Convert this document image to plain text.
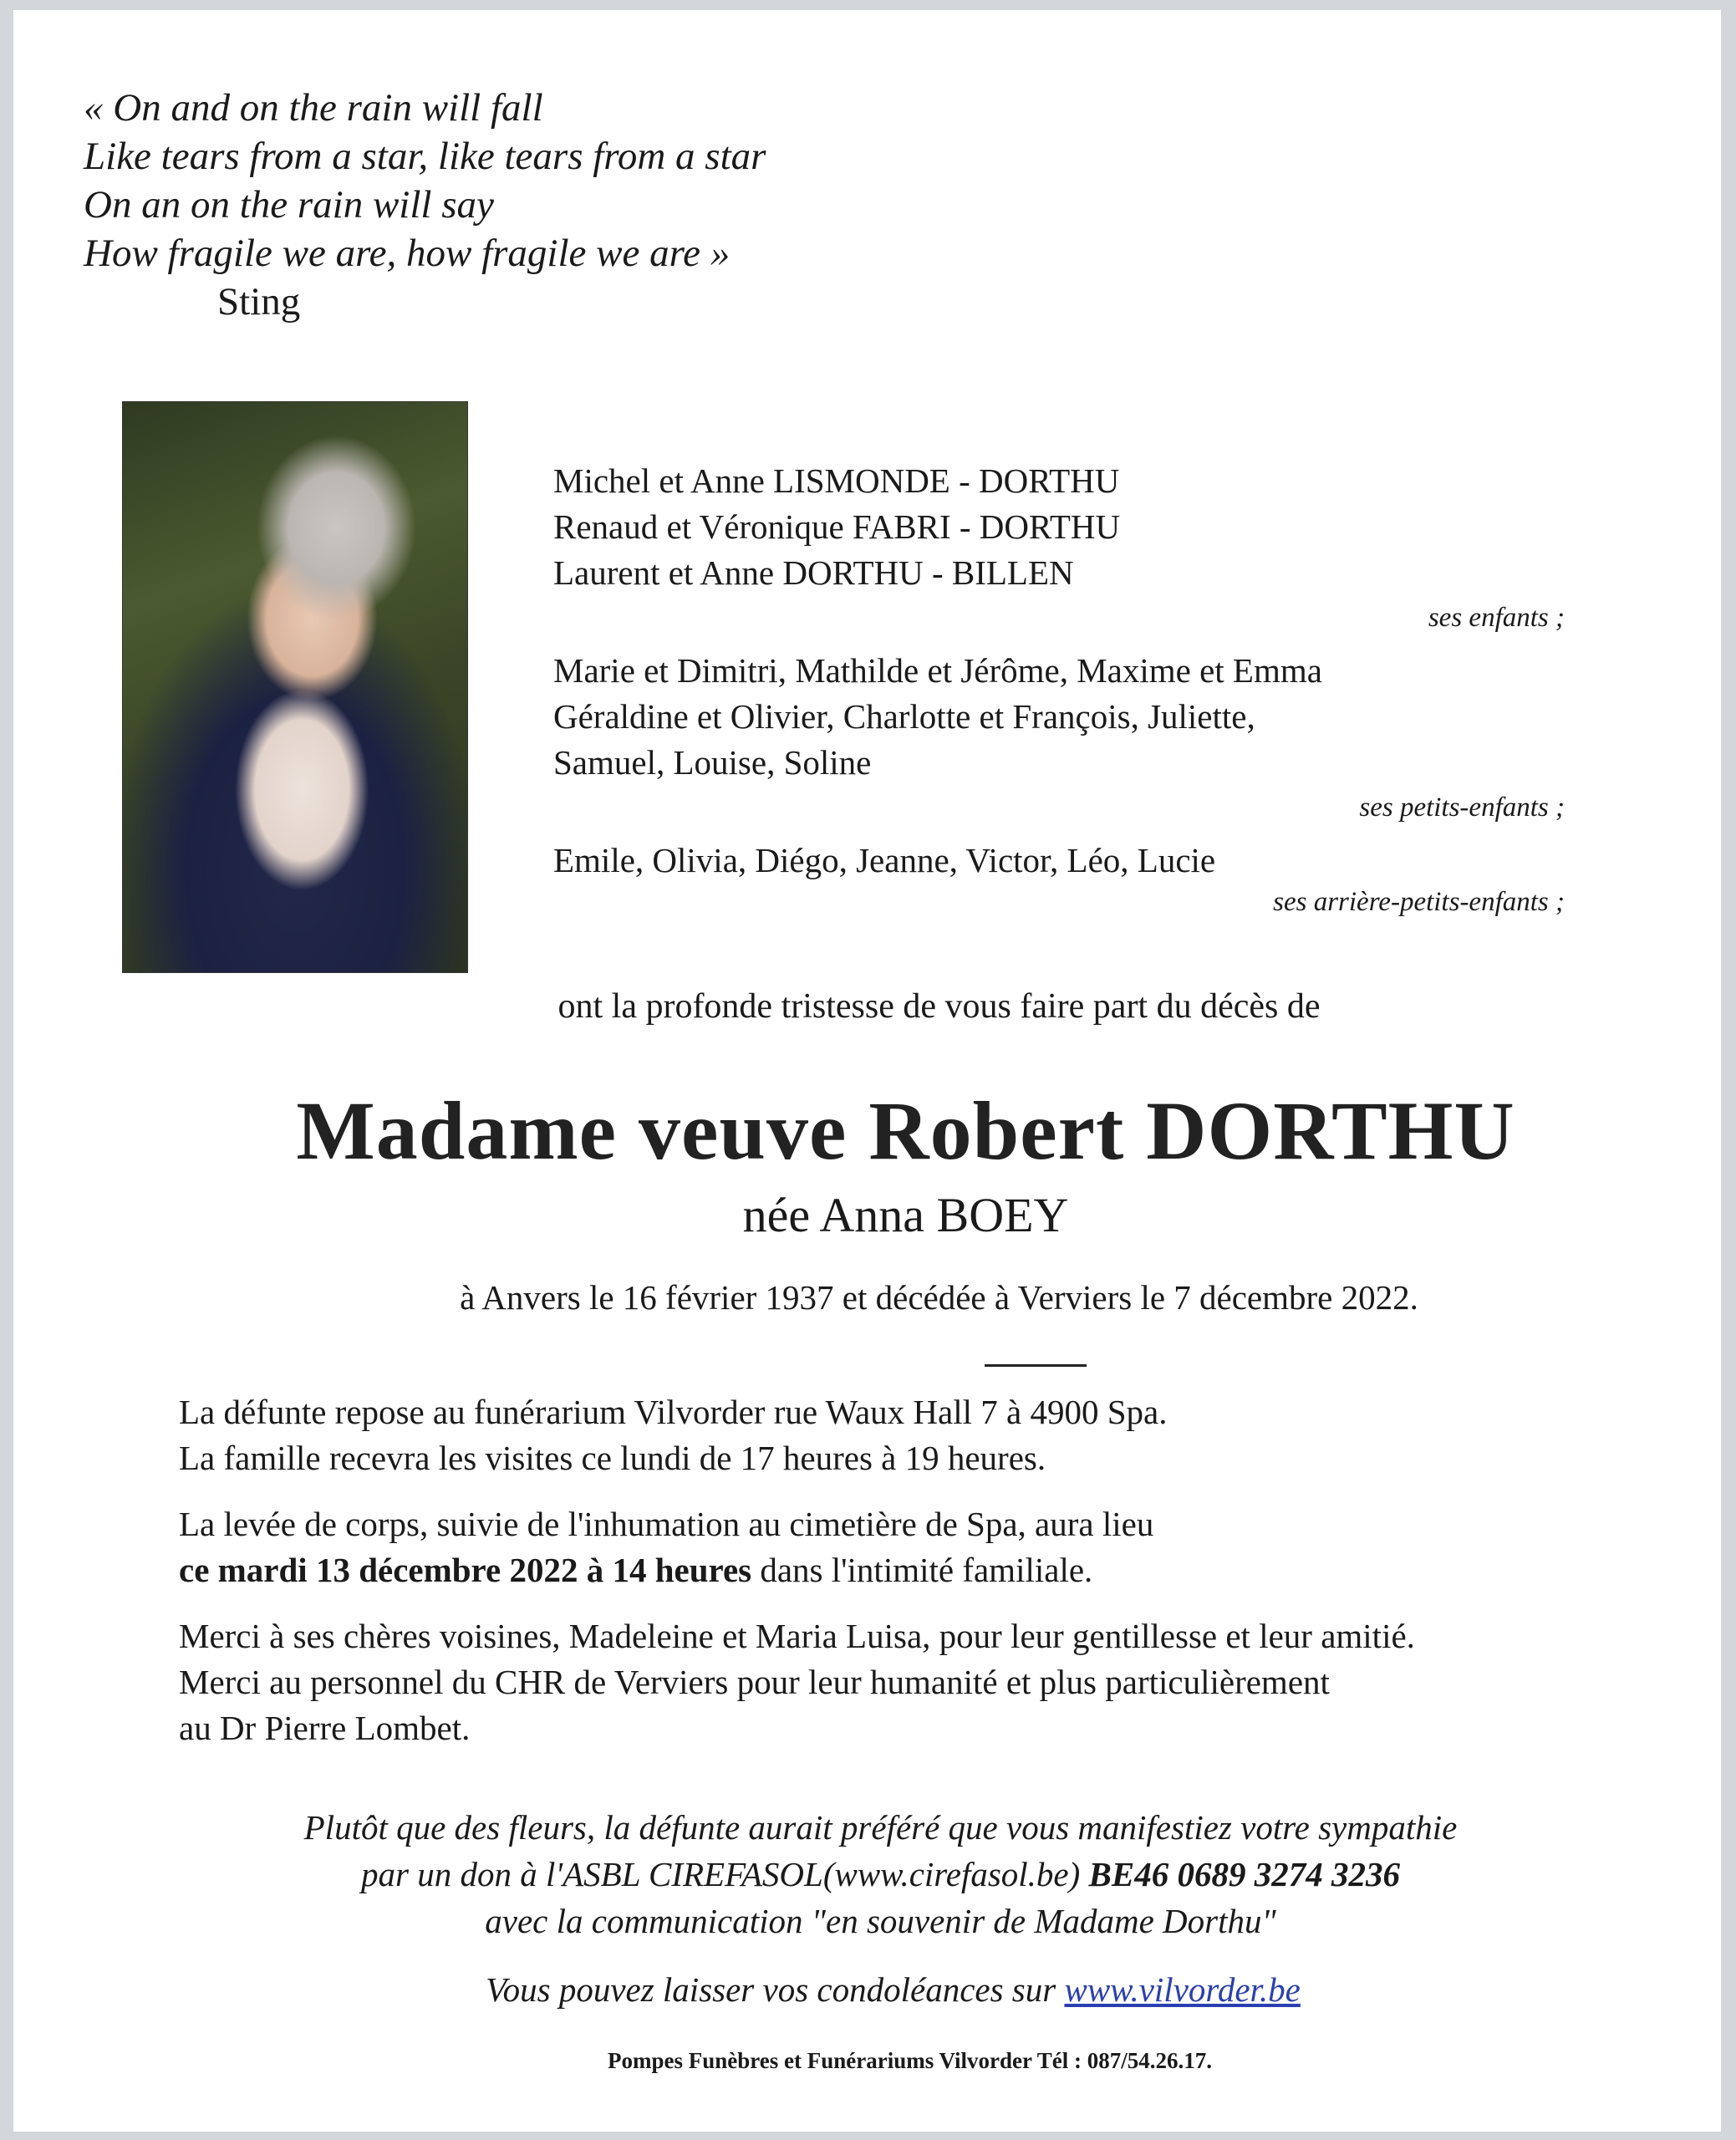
« On and on the rain will fall
Like tears from a star, like tears from a star
On an on the rain will say
How fragile we are, how fragile we are »
Sting
Michel et Anne LISMONDE - DORTHU
Renaud et Véronique FABRI - DORTHU
Laurent et Anne DORTHU - BILLEN
ses enfants ;
Marie et Dimitri, Mathilde et Jérôme, Maxime et Emma
Géraldine et Olivier, Charlotte et François, Juliette,
Samuel, Louise, Soline
ses petits-enfants ;
Emile, Olivia, Diégo, Jeanne, Victor, Léo, Lucie
ses arrière-petits-enfants ;
ont la profonde tristesse de vous faire part du décès de
Madame veuve Robert DORTHU
née Anna BOEY
à Anvers le 16 février 1937 et décédée à Verviers le 7 décembre 2022.

La défunte repose au funérarium Vilvorder rue Waux Hall 7 à 4900 Spa.
La famille recevra les visites ce lundi de 17 heures à 19 heures.

La levée de corps, suivie de l'inhumation au cimetière de Spa, aura lieu
ce mardi 13 décembre 2022 à 14 heures dans l'intimité familiale.

Merci à ses chères voisines, Madeleine et Maria Luisa, pour leur gentillesse et leur amitié.
Merci au personnel du CHR de Verviers pour leur humanité et plus particulièrement
au Dr Pierre Lombet.

Plutôt que des fleurs, la défunte aurait préféré que vous manifestiez votre sympathie
par un don à l'ASBL CIREFASOL(www.cirefasol.be) BE46 0689 3274 3236
avec la communication "en souvenir de Madame Dorthu"
Vous pouvez laisser vos condoléances sur www.vilvorder.be
Pompes Funèbres et Funérariums Vilvorder Tél : 087/54.26.17.
